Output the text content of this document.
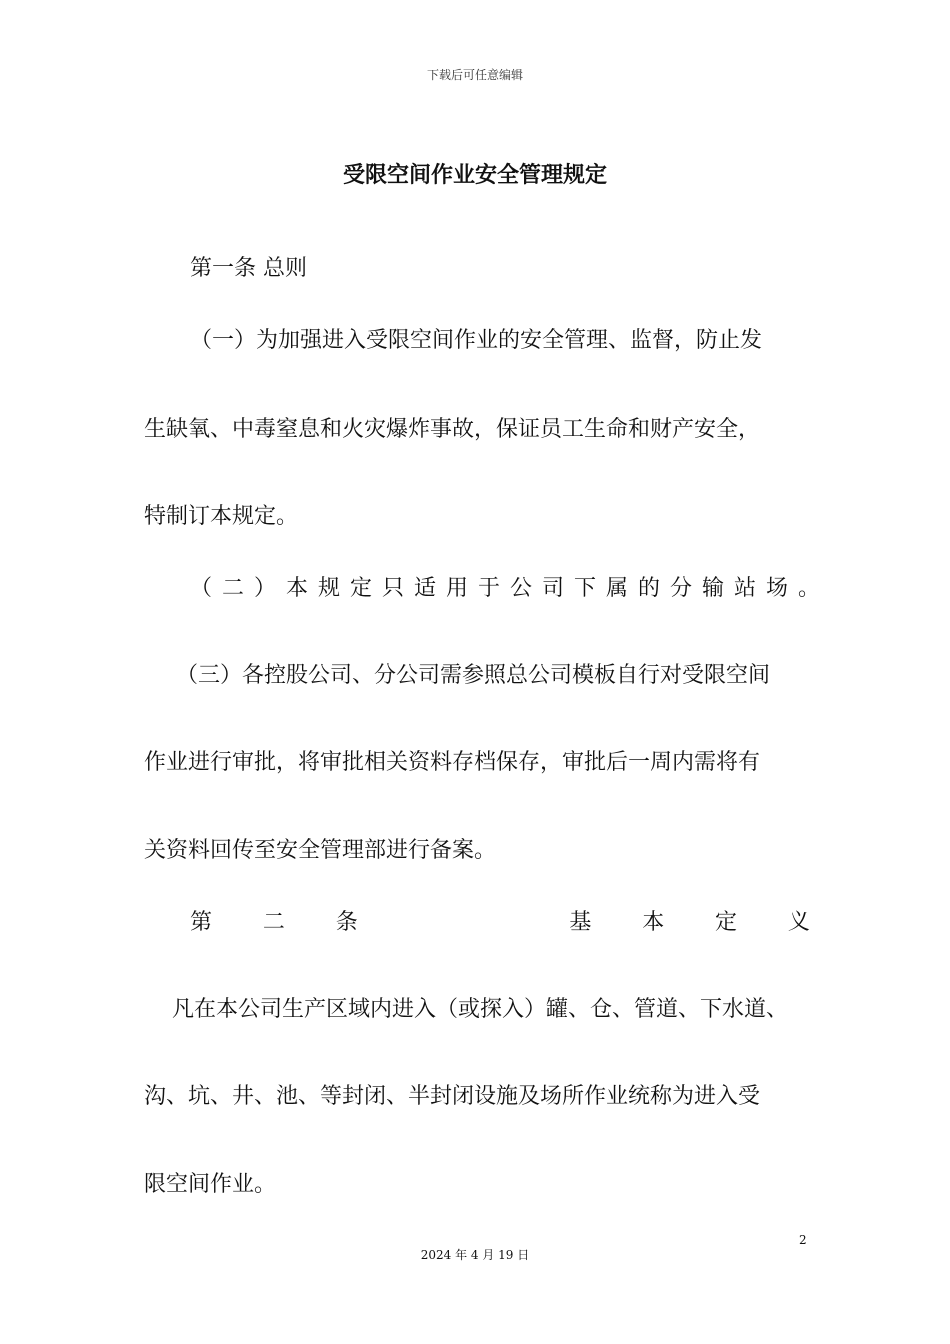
下载后可任意编辑
受限空间作业安全管理规定
第一条 总则
（一）为加强进入受限空间作业的安全管理、监督，防止发
生缺氧、中毒窒息和火灾爆炸事故，保证员工生命和财产安全，
特制订本规定。
（二）本规定只适用于公司下属的分输站场。
（三）各控股公司、分公司需参照总公司模板自行对受限空间
作业进行审批，将审批相关资料存档保存，审批后一周内需将有
关资料回传至安全管理部进行备案。
第 二 条	基 本 定 义
凡在本公司生产区域内进入（或探入）罐、仓、管道、下水道、
沟、坑、井、池、等封闭、半封闭设施及场所作业统称为进入受
限空间作业。
2
2024 年 4 月 19 日
